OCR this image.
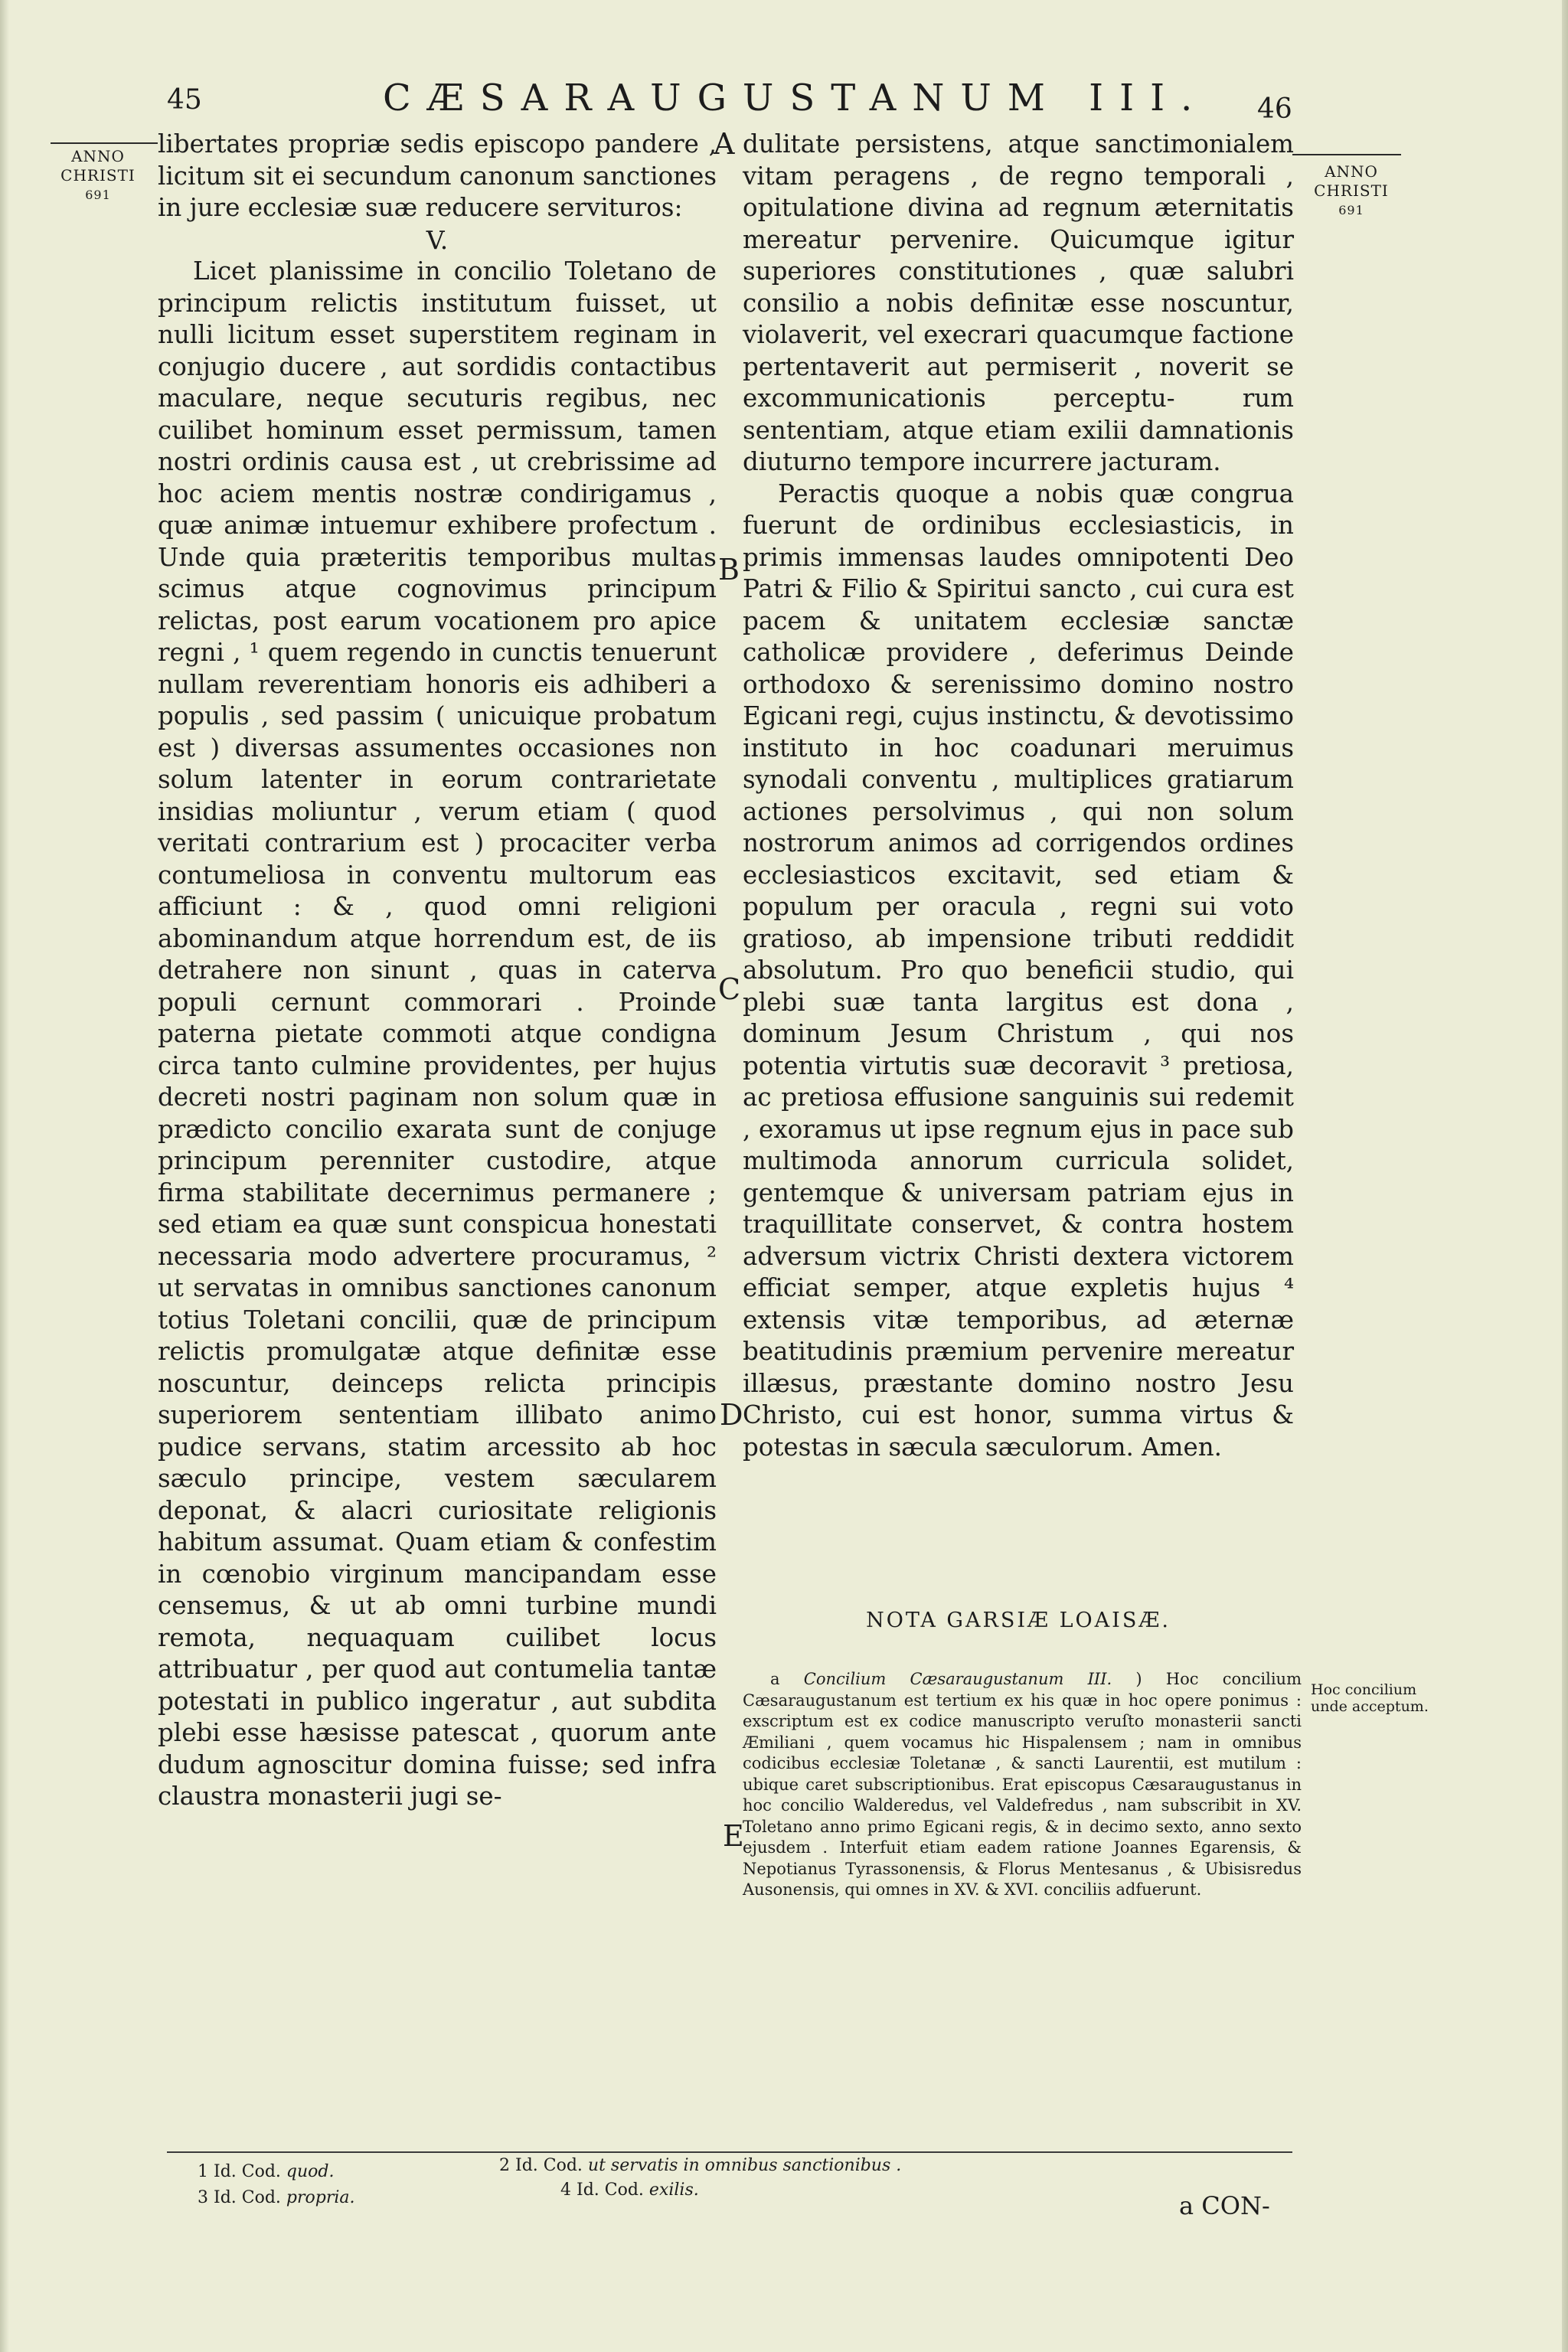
45	CÆSARAUGUSTANUM III. 46
ANNO
CHRISTI
691
ANNO
CHRISTI
691
A
B
C
D
E

libertates propriæ sedis episcopo pandere , licitum sit ei secundum canonum sanctiones in jure ecclesiæ suæ reducere servituros:

V.

Licet planissime in concilio Toletano de principum relictis institutum fuisset, ut nulli licitum esset superstitem reginam in conjugio ducere , aut sordidis contactibus maculare, neque secuturis regibus, nec cuilibet hominum esset permissum, tamen nostri ordinis causa est , ut crebrissime ad hoc aciem mentis nostræ condirigamus , quæ animæ intuemur exhibere profectum . Unde quia præteritis temporibus multas scimus atque cognovimus principum relictas, post earum vocationem pro apice regni , ¹ quem regendo in cunctis tenuerunt nullam reverentiam honoris eis adhiberi a populis , sed passim ( unicuique probatum est ) diversas assumentes occasiones non solum latenter in eorum contrarietate insidias moliuntur , verum etiam ( quod veritati contrarium est ) procaciter verba contumeliosa in conventu multorum eas afficiunt : & , quod omni religioni abominandum atque horrendum est, de iis detrahere non sinunt , quas in caterva populi cernunt commorari . Proinde paterna pietate commoti atque condigna circa tanto culmine providentes, per hujus decreti nostri paginam non solum quæ in prædicto concilio exarata sunt de conjuge principum perenniter custodire, atque firma stabilitate decernimus permanere ; sed etiam ea quæ sunt conspicua honestati necessaria modo advertere procuramus, ² ut servatas in omnibus sanctiones canonum totius Toletani concilii, quæ de principum relictis promulgatæ atque definitæ esse noscuntur, deinceps relicta principis superiorem sententiam illibato animo pudice servans, statim arcessito ab hoc sæculo principe, vestem sæcularem deponat, & alacri curiositate religionis habitum assumat. Quam etiam & confestim in cœnobio virginum mancipandam esse censemus, & ut ab omni turbine mundi remota, nequaquam cuilibet locus attribuatur , per quod aut contumelia tantæ potestati in publico ingeratur , aut subdita plebi esse hæsisse patescat , quorum ante dudum agnoscitur domina fuisse; sed infra claustra monasterii jugi se-

dulitate persistens, atque sanctimonialem vitam peragens , de regno temporali , opitulatione divina ad regnum æternitatis mereatur pervenire. Quicumque igitur superiores constitutiones , quæ salubri consilio a nobis definitæ esse noscuntur, violaverit, vel execrari quacumque factione pertentaverit aut permiserit , noverit se excommunicationis perceptu- rum sententiam, atque etiam exilii damnationis diuturno tempore incurrere jacturam.

Peractis quoque a nobis quæ congrua fuerunt de ordinibus ecclesiasticis, in primis immensas laudes omnipotenti Deo Patri & Filio & Spiritui sancto , cui cura est pacem & unitatem ecclesiæ sanctæ catholicæ providere , deferimus Deinde orthodoxo & serenissimo domino nostro Egicani regi, cujus instinctu, & devotissimo instituto in hoc coadunari meruimus synodali conventu , multiplices gratiarum actiones persolvimus , qui non solum nostrorum animos ad corrigendos ordines ecclesiasticos excitavit, sed etiam & populum per oracula , regni sui voto gratioso, ab impensione tributi reddidit absolutum. Pro quo beneficii studio, qui plebi suæ tanta largitus est dona , dominum Jesum Christum , qui nos potentia virtutis suæ decoravit ³ pretiosa, ac pretiosa effusione sanguinis sui redemit , exoramus ut ipse regnum ejus in pace sub multimoda annorum curricula solidet, gentemque & universam patriam ejus in traquillitate conservet, & contra hostem adversum victrix Christi dextera victorem efficiat semper, atque expletis hujus ⁴ extensis vitæ temporibus, ad æternæ beatitudinis præmium pervenire mereatur illæsus, præstante domino nostro Jesu Christo, cui est honor, summa virtus & potestas in sæcula sæculorum. Amen.

NOTA GARSIÆ LOAISÆ.

a Concilium Cæsaraugustanum III. ) Hoc concilium Cæsaraugustanum est tertium ex his quæ in hoc opere ponimus : exscriptum est ex codice manuscripto veruſto monasterii sancti Æmiliani , quem vocamus hic Hispalensem ; nam in omnibus codicibus ecclesiæ Toletanæ , & sancti Laurentii, est mutilum : ubique caret subscriptionibus. Erat episcopus Cæsaraugustanus in hoc concilio Walderedus, vel Valdefredus , nam subscribit in XV. Toletano anno primo Egicani regis, & in decimo sexto, anno sexto ejusdem . Interfuit etiam eadem ratione Joannes Egarensis, & Nepotianus Tyrassonensis, & Florus Mentesanus , & Ubisisredus Ausonensis, qui omnes in XV. & XVI. conciliis adfuerunt.

Hoc concilium unde acceptum.
1 Id. Cod. quod.	2 Id. Cod. ut servatis in omnibus sanctionibus .
3 Id. Cod. propria.	4 Id. Cod. exilis.
a CON-
